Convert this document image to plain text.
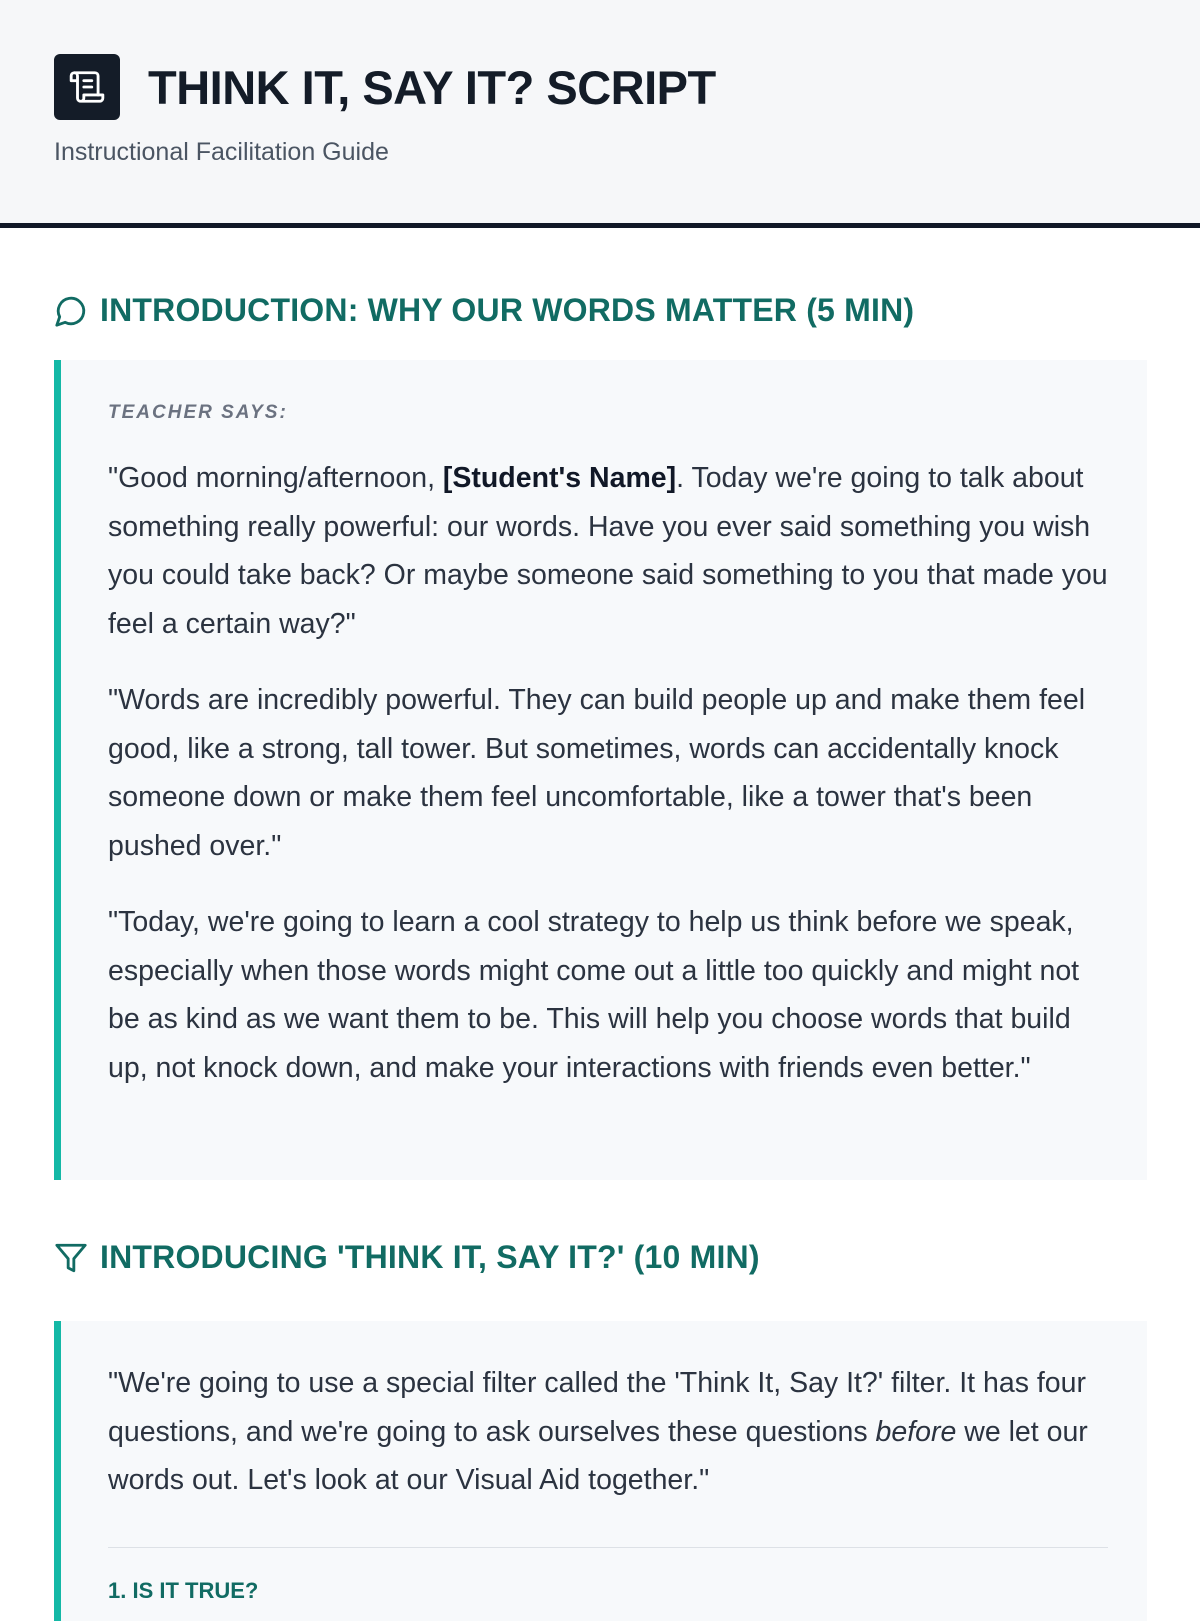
THINK IT, SAY IT? SCRIPT
Instructional Facilitation Guide
INTRODUCTION: WHY OUR WORDS MATTER (5 MIN)
TEACHER SAYS:

"Good morning/afternoon, [Student's Name]. Today we're going to talk about something really powerful: our words. Have you ever said something you wish you could take back? Or maybe someone said something to you that made you feel a certain way?"

"Words are incredibly powerful. They can build people up and make them feel good, like a strong, tall tower. But sometimes, words can accidentally knock someone down or make them feel uncomfortable, like a tower that's been pushed over."

"Today, we're going to learn a cool strategy to help us think before we speak, especially when those words might come out a little too quickly and might not be as kind as we want them to be. This will help you choose words that build up, not knock down, and make your interactions with friends even better."

INTRODUCING 'THINK IT, SAY IT?' (10 MIN)

"We're going to use a special filter called the 'Think It, Say It?' filter. It has four questions, and we're going to ask ourselves these questions before we let our words out. Let's look at our Visual Aid together."

1. IS IT TRUE?
